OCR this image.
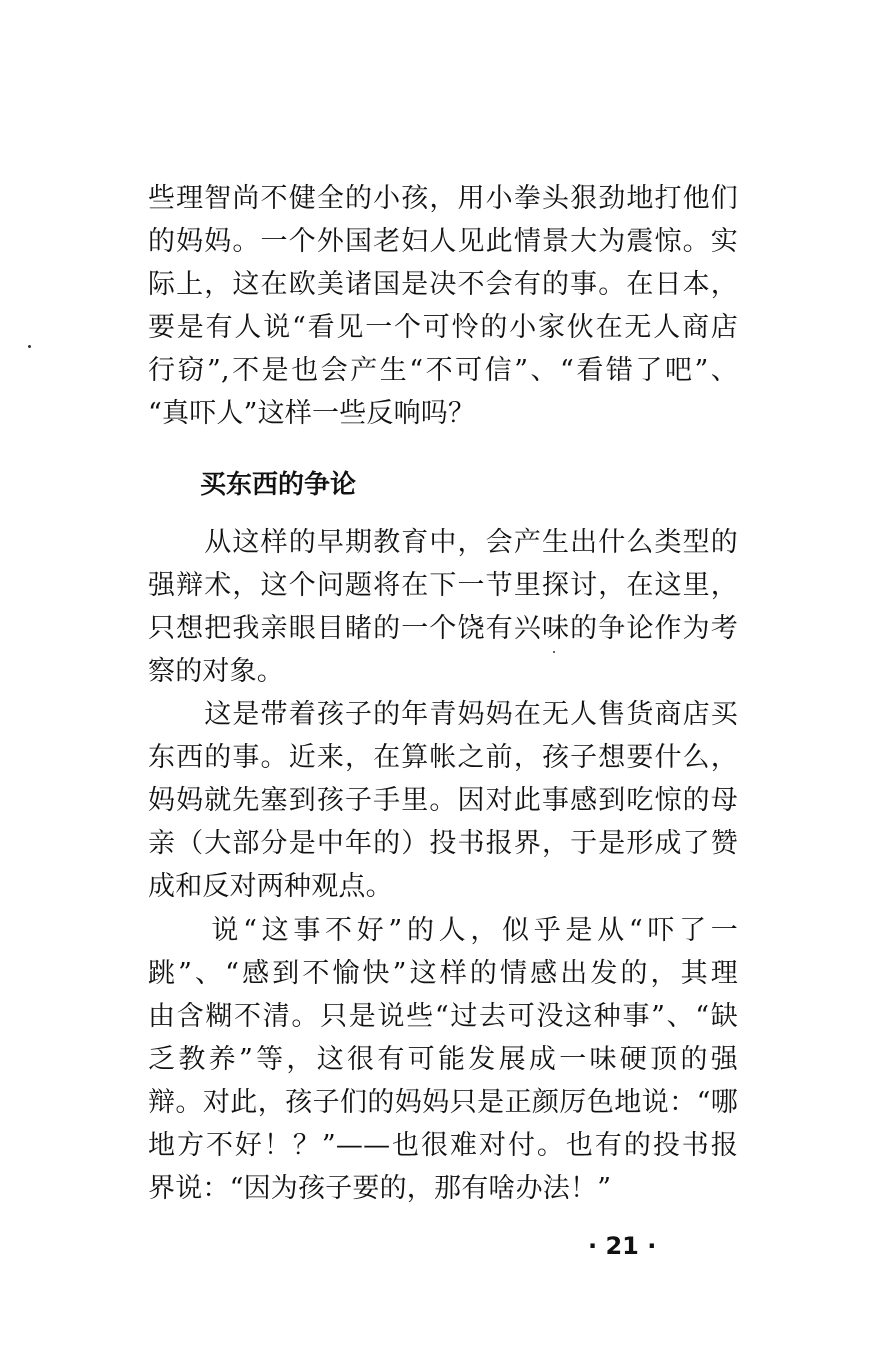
些理智尚不健全的小孩，用小拳头狠劲地打他们
的妈妈。一个外国老妇人见此情景大为震惊。实
际上，这在欧美诸国是决不会有的事。在日本，
要是有人说“看见一个可怜的小家伙在无人商店
行窃”,不是也会产生“不可信”、“看错了吧”、
“真吓人”这样一些反响吗？
买东西的争论
　　从这样的早期教育中，会产生出什么类型的
强辩术，这个问题将在下一节里探讨，在这里，
只想把我亲眼目睹的一个饶有兴味的争论作为考
察的对象。
　　这是带着孩子的年青妈妈在无人售货商店买
东西的事。近来，在算帐之前，孩子想要什么，
妈妈就先塞到孩子手里。因对此事感到吃惊的母
亲（大部分是中年的）投书报界，于是形成了赞
成和反对两种观点。
　　说“这事不好”的人，似乎是从“吓了一
跳”、“感到不愉快”这样的情感出发的，其理
由含糊不清。只是说些“过去可没这种事”、“缺
乏教养”等，这很有可能发展成一味硬顶的强
辩。对此，孩子们的妈妈只是正颜厉色地说：“哪
地方不好！？”——也很难对付。也有的投书报
界说：“因为孩子要的，那有啥办法！”
· 21 ·
